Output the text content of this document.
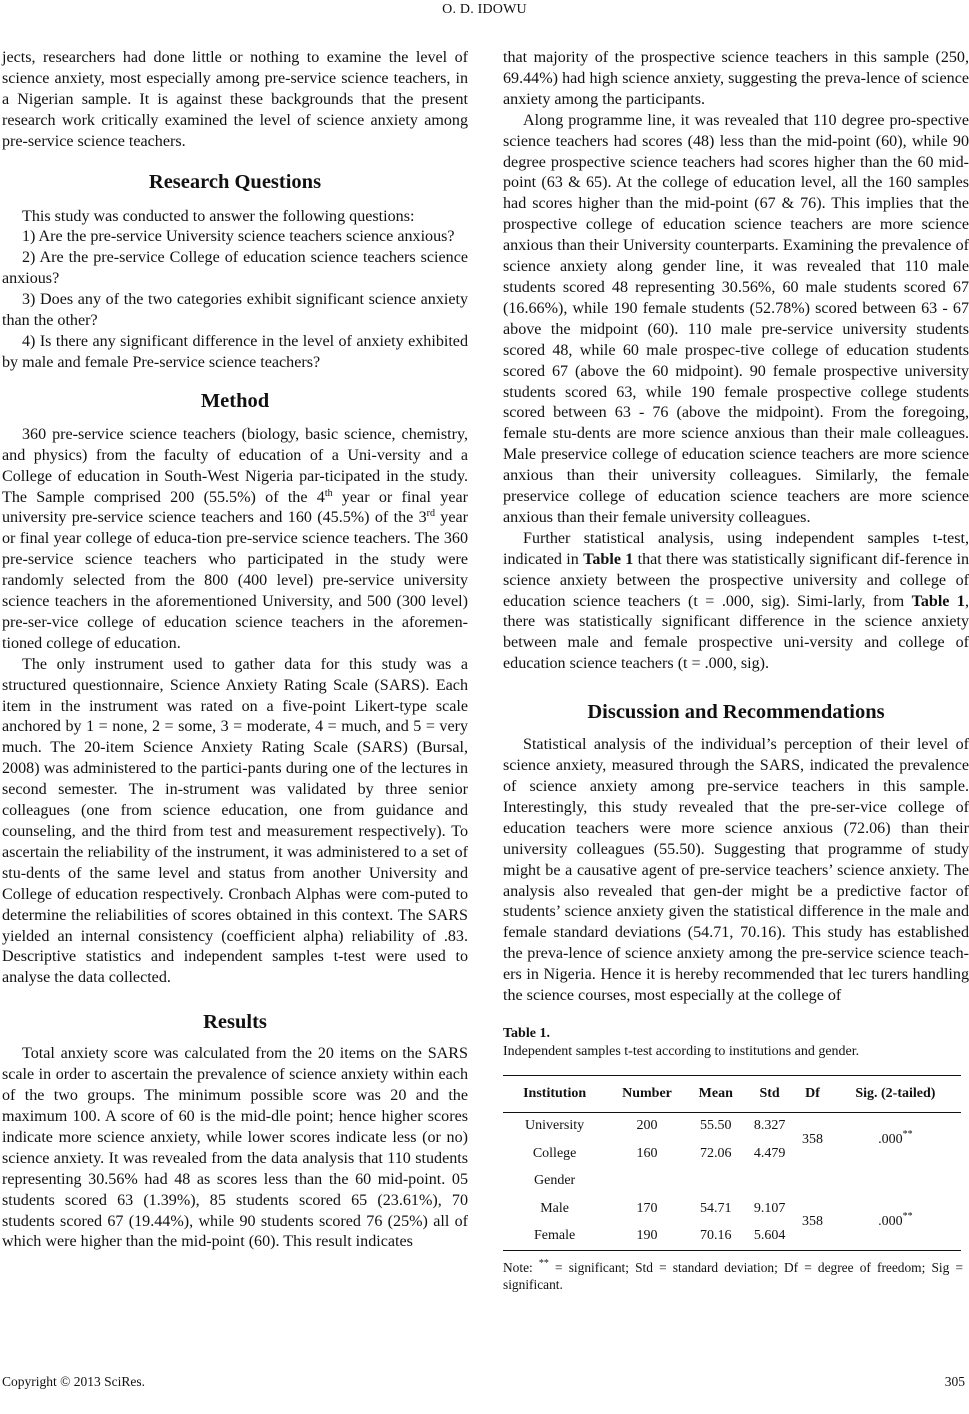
O. D. IDOWU

jects, researchers had done little or nothing to examine the level of science anxiety, most especially among pre-service science teachers, in a Nigerian sample. It is against these backgrounds that the present research work critically examined the level of science anxiety among pre-service science teachers.

Research Questions

This study was conducted to answer the following questions:

1) Are the pre-service University science teachers science anxious?

2) Are the pre-service College of education science teachers science anxious?

3) Does any of the two categories exhibit significant science anxiety than the other?

4) Is there any significant difference in the level of anxiety exhibited by male and female Pre-service science teachers?

Method

360 pre-service science teachers (biology, basic science, chemistry, and physics) from the faculty of education of a Uni-versity and a College of education in South-West Nigeria par-ticipated in the study. The Sample comprised 200 (55.5%) of the 4th year or final year university pre-service science teachers and 160 (45.5%) of the 3rd year or final year college of educa-tion pre-service science teachers. The 360 pre-service science teachers who participated in the study were randomly selected from the 800 (400 level) pre-service university science teachers in the aforementioned University, and 500 (300 level) pre-ser-vice college of education science teachers in the aforemen-tioned college of education.

The only instrument used to gather data for this study was a structured questionnaire, Science Anxiety Rating Scale (SARS). Each item in the instrument was rated on a five-point Likert-type scale anchored by 1 = none, 2 = some, 3 = moderate, 4 = much, and 5 = very much. The 20-item Science Anxiety Rating Scale (SARS) (Bursal, 2008) was administered to the partici-pants during one of the lectures in second semester. The in-strument was validated by three senior colleagues (one from science education, one from guidance and counseling, and the third from test and measurement respectively). To ascertain the reliability of the instrument, it was administered to a set of stu-dents of the same level and status from another University and College of education respectively. Cronbach Alphas were com-puted to determine the reliabilities of scores obtained in this context. The SARS yielded an internal consistency (coefficient alpha) reliability of .83. Descriptive statistics and independent samples t-test were used to analyse the data collected.

Results

Total anxiety score was calculated from the 20 items on the SARS scale in order to ascertain the prevalence of science anxiety within each of the two groups. The minimum possible score was 20 and the maximum 100. A score of 60 is the mid-dle point; hence higher scores indicate more science anxiety, while lower scores indicate less (or no) science anxiety. It was revealed from the data analysis that 110 students representing 30.56% had 48 as scores less than the 60 mid-point. 05 students scored 63 (1.39%), 85 students scored 65 (23.61%), 70 students scored 67 (19.44%), while 90 students scored 76 (25%) all of which were higher than the mid-point (60). This result indicates

that majority of the prospective science teachers in this sample (250, 69.44%) had high science anxiety, suggesting the preva-lence of science anxiety among the participants.

Along programme line, it was revealed that 110 degree pro-spective science teachers had scores (48) less than the mid-point (60), while 90 degree prospective science teachers had scores higher than the 60 mid-point (63 & 65). At the college of education level, all the 160 samples had scores higher than the mid-point (67 & 76). This implies that the prospective college of education science teachers are more science anxious than their University counterparts. Examining the prevalence of science anxiety along gender line, it was revealed that 110 male students scored 48 representing 30.56%, 60 male students scored 67 (16.66%), while 190 female students (52.78%) scored between 63 - 67 above the midpoint (60). 110 male pre-service university students scored 48, while 60 male prospec-tive college of education students scored 67 (above the 60 midpoint). 90 female prospective university students scored 63, while 190 female prospective college students scored between 63 - 76 (above the midpoint). From the foregoing, female stu-dents are more science anxious than their male colleagues. Male preservice college of education science teachers are more science anxious than their university colleagues. Similarly, the female preservice college of education science teachers are more science anxious than their female university colleagues.

Further statistical analysis, using independent samples t-test, indicated in Table 1 that there was statistically significant dif-ference in science anxiety between the prospective university and college of education science teachers (t = .000, sig). Simi-larly, from Table 1, there was statistically significant difference in the science anxiety between male and female prospective uni-versity and college of education science teachers (t = .000, sig).

Discussion and Recommendations

Statistical analysis of the individual’s perception of their level of science anxiety, measured through the SARS, indicated the prevalence of science anxiety among pre-service teachers in this sample. Interestingly, this study revealed that the pre-ser-vice college of education teachers were more science anxious (72.06) than their university colleagues (55.50). Suggesting that programme of study might be a causative agent of pre-service teachers’ science anxiety. The analysis also revealed that gen-der might be a predictive factor of students’ science anxiety given the statistical difference in the male and female standard deviations (54.71, 70.16). This study has established the preva-lence of science anxiety among the pre-service science teach-ers in Nigeria. Hence it is hereby recommended that lec turers handling the science courses, most especially at the college of

Table 1.
Independent samples t-test according to institutions and gender.
Institution	Number	Mean	Std	Df	Sig. (2-tailed)
University	200	55.50	8.327	358	.000**
College	160	72.06	4.479		
Gender					
Male	170	54.71	9.107	358	.000**
Female	190	70.16	5.604		
Note: ** = significant; Std = standard deviation; Df = degree of freedom; Sig = significant.
Copyright © 2013 SciRes.	305
